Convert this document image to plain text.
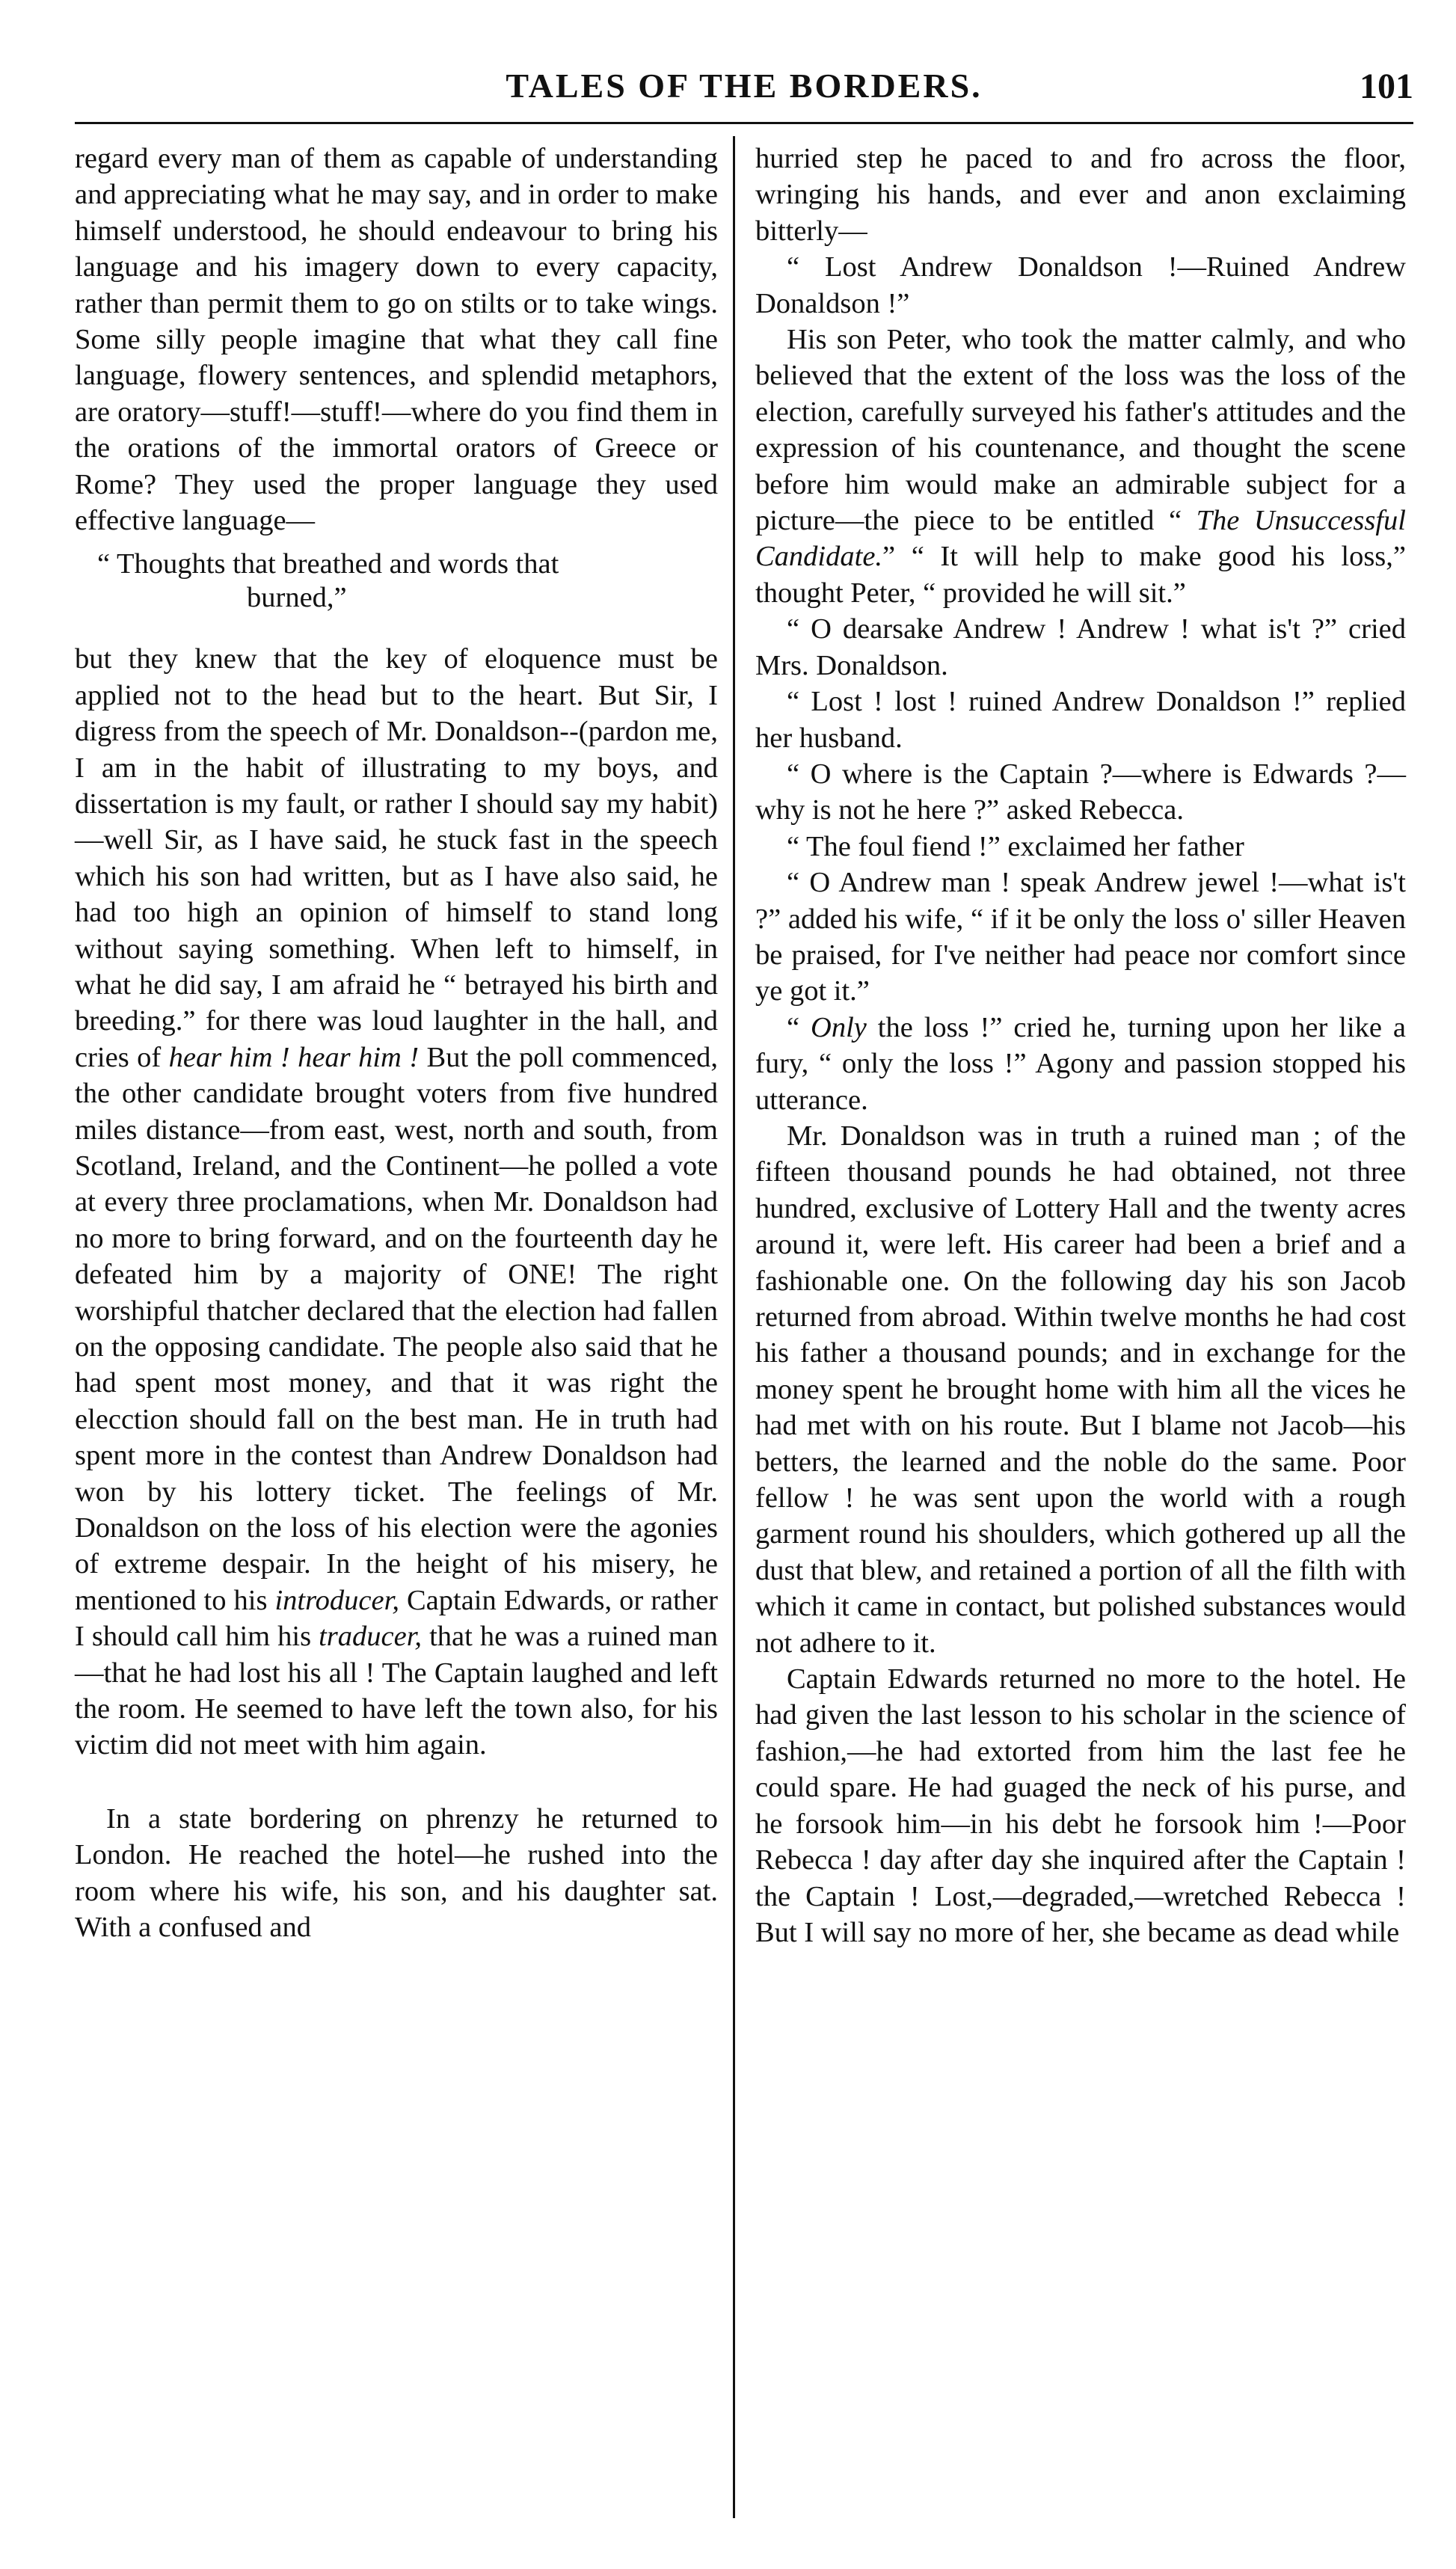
TALES OF THE BORDERS.	101

regard every man of them as capable of understanding and appreciating what he may say, and in order to make himself understood, he should endeavour to bring his language and his imagery down to every capacity, rather than permit them to go on stilts or to take wings. Some silly people imagine that what they call fine language, flowery sentences, and splendid metaphors, are oratory—stuff!—stuff!—where do you find them in the orations of the immortal orators of Greece or Rome? They used the proper language they used effective language—

“ Thoughts that breathed and words that
burned,”

but they knew that the key of eloquence must be applied not to the head but to the heart. But Sir, I digress from the speech of Mr. Donaldson--(pardon me, I am in the habit of illustrating to my boys, and dissertation is my fault, or rather I should say my habit)—well Sir, as I have said, he stuck fast in the speech which his son had written, but as I have also said, he had too high an opinion of himself to stand long without saying something. When left to himself, in what he did say, I am afraid he “ betrayed his birth and breeding.” for there was loud laughter in the hall, and cries of hear him ! hear him ! But the poll commenced, the other candidate brought voters from five hundred miles distance—from east, west, north and south, from Scotland, Ireland, and the Continent—he polled a vote at every three proclamations, when Mr. Donaldson had no more to bring forward, and on the fourteenth day he defeated him by a majority of ONE! The right worshipful thatcher declared that the election had fallen on the opposing candidate. The people also said that he had spent most money, and that it was right the elecction should fall on the best man. He in truth had spent more in the contest than Andrew Donaldson had won by his lottery ticket. The feelings of Mr. Donaldson on the loss of his election were the agonies of extreme despair. In the height of his misery, he mentioned to his introducer, Captain Edwards, or rather I should call him his traducer, that he was a ruined man—that he had lost his all ! The Captain laughed and left the room. He seemed to have left the town also, for his victim did not meet with him again.

In a state bordering on phrenzy he returned to London. He reached the hotel—he rushed into the room where his wife, his son, and his daughter sat. With a confused and

hurried step he paced to and fro across the floor, wringing his hands, and ever and anon exclaiming bitterly—

“ Lost Andrew Donaldson !—Ruined Andrew Donaldson !”

His son Peter, who took the matter calmly, and who believed that the extent of the loss was the loss of the election, carefully surveyed his father's attitudes and the expression of his countenance, and thought the scene before him would make an admirable subject for a picture—the piece to be entitled “ The Unsuccessful Candidate.” “ It will help to make good his loss,” thought Peter, “ provided he will sit.”

“ O dearsake Andrew ! Andrew ! what is't ?” cried Mrs. Donaldson.

“ Lost ! lost ! ruined Andrew Donaldson !” replied her husband.

“ O where is the Captain ?—where is Edwards ?—why is not he here ?” asked Rebecca.

“ The foul fiend !” exclaimed her father

“ O Andrew man ! speak Andrew jewel !—what is't ?” added his wife, “ if it be only the loss o' siller Heaven be praised, for I've neither had peace nor comfort since ye got it.”

“ Only the loss !” cried he, turning upon her like a fury, “ only the loss !” Agony and passion stopped his utterance.

Mr. Donaldson was in truth a ruined man ; of the fifteen thousand pounds he had obtained, not three hundred, exclusive of Lottery Hall and the twenty acres around it, were left. His career had been a brief and a fashionable one. On the following day his son Jacob returned from abroad. Within twelve months he had cost his father a thousand pounds; and in exchange for the money spent he brought home with him all the vices he had met with on his route. But I blame not Jacob—his betters, the learned and the noble do the same. Poor fellow ! he was sent upon the world with a rough garment round his shoulders, which gothered up all the dust that blew, and retained a portion of all the filth with which it came in contact, but polished substances would not adhere to it.

Captain Edwards returned no more to the hotel. He had given the last lesson to his scholar in the science of fashion,—he had extorted from him the last fee he could spare. He had guaged the neck of his purse, and he forsook him—in his debt he forsook him !—Poor Rebecca ! day after day she inquired after the Captain ! the Captain ! Lost,—degraded,—wretched Rebecca ! But I will say no more of her, she became as dead while
